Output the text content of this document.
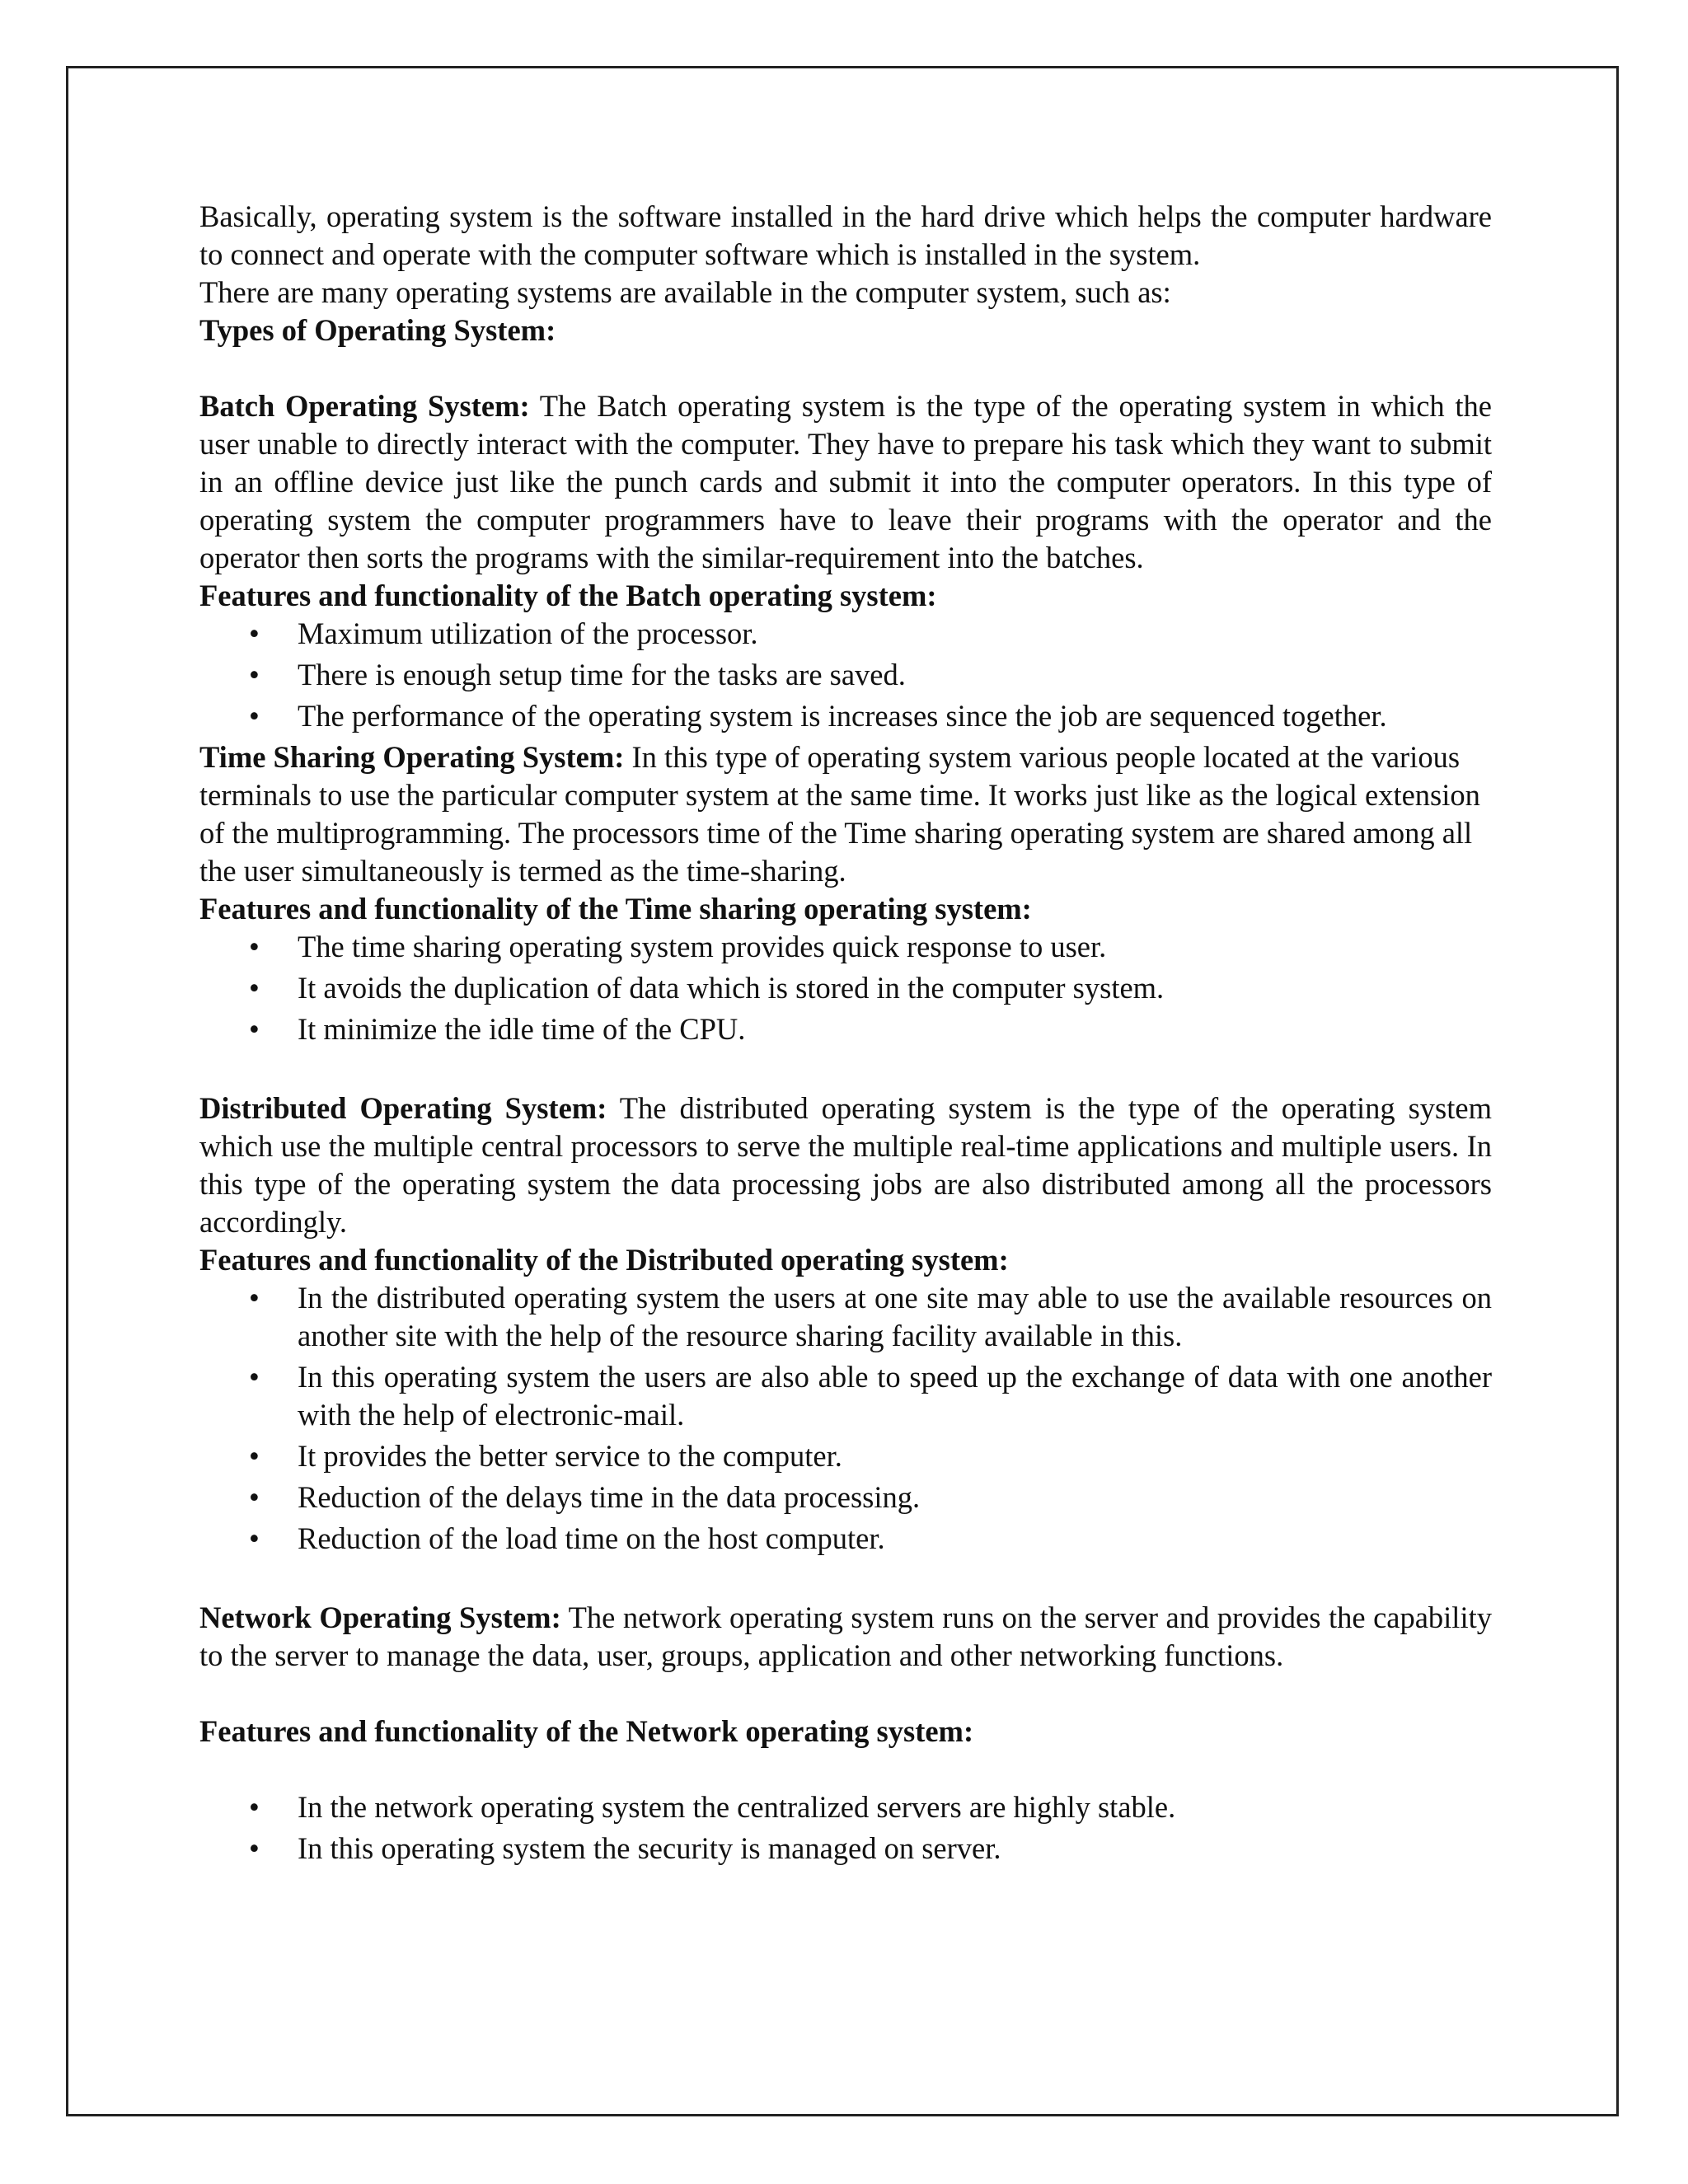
Basically, operating system is the software installed in the hard drive which helps the computer hardware to connect and operate with the computer software which is installed in the system.

There are many operating systems are available in the computer system, such as:

Types of Operating System:

Batch Operating System: The Batch operating system is the type of the operating system in which the user unable to directly interact with the computer. They have to prepare his task which they want to submit in an offline device just like the punch cards and submit it into the computer operators. In this type of operating system the computer programmers have to leave their programs with the operator and the operator then sorts the programs with the similar-requirement into the batches.

Features and functionality of the Batch operating system:

• Maximum utilization of the processor.
• There is enough setup time for the tasks are saved.
• The performance of the operating system is increases since the job are sequenced together.

Time Sharing Operating System: In this type of operating system various people located at the various terminals to use the particular computer system at the same time. It works just like as the logical extension of the multiprogramming. The processors time of the Time sharing operating system are shared among all the user simultaneously is termed as the time-sharing.

Features and functionality of the Time sharing operating system:

• The time sharing operating system provides quick response to user.
• It avoids the duplication of data which is stored in the computer system.
• It minimize the idle time of the CPU.

Distributed Operating System: The distributed operating system is the type of the operating system which use the multiple central processors to serve the multiple real-time applications and multiple users. In this type of the operating system the data processing jobs are also distributed among all the processors accordingly.

Features and functionality of the Distributed operating system:

• In the distributed operating system the users at one site may able to use the available resources on another site with the help of the resource sharing facility available in this.
• In this operating system the users are also able to speed up the exchange of data with one another with the help of electronic-mail.
• It provides the better service to the computer.
• Reduction of the delays time in the data processing.
• Reduction of the load time on the host computer.

Network Operating System: The network operating system runs on the server and provides the capability to the server to manage the data, user, groups, application and other networking functions.

Features and functionality of the Network operating system:

• In the network operating system the centralized servers are highly stable.
• In this operating system the security is managed on server.
